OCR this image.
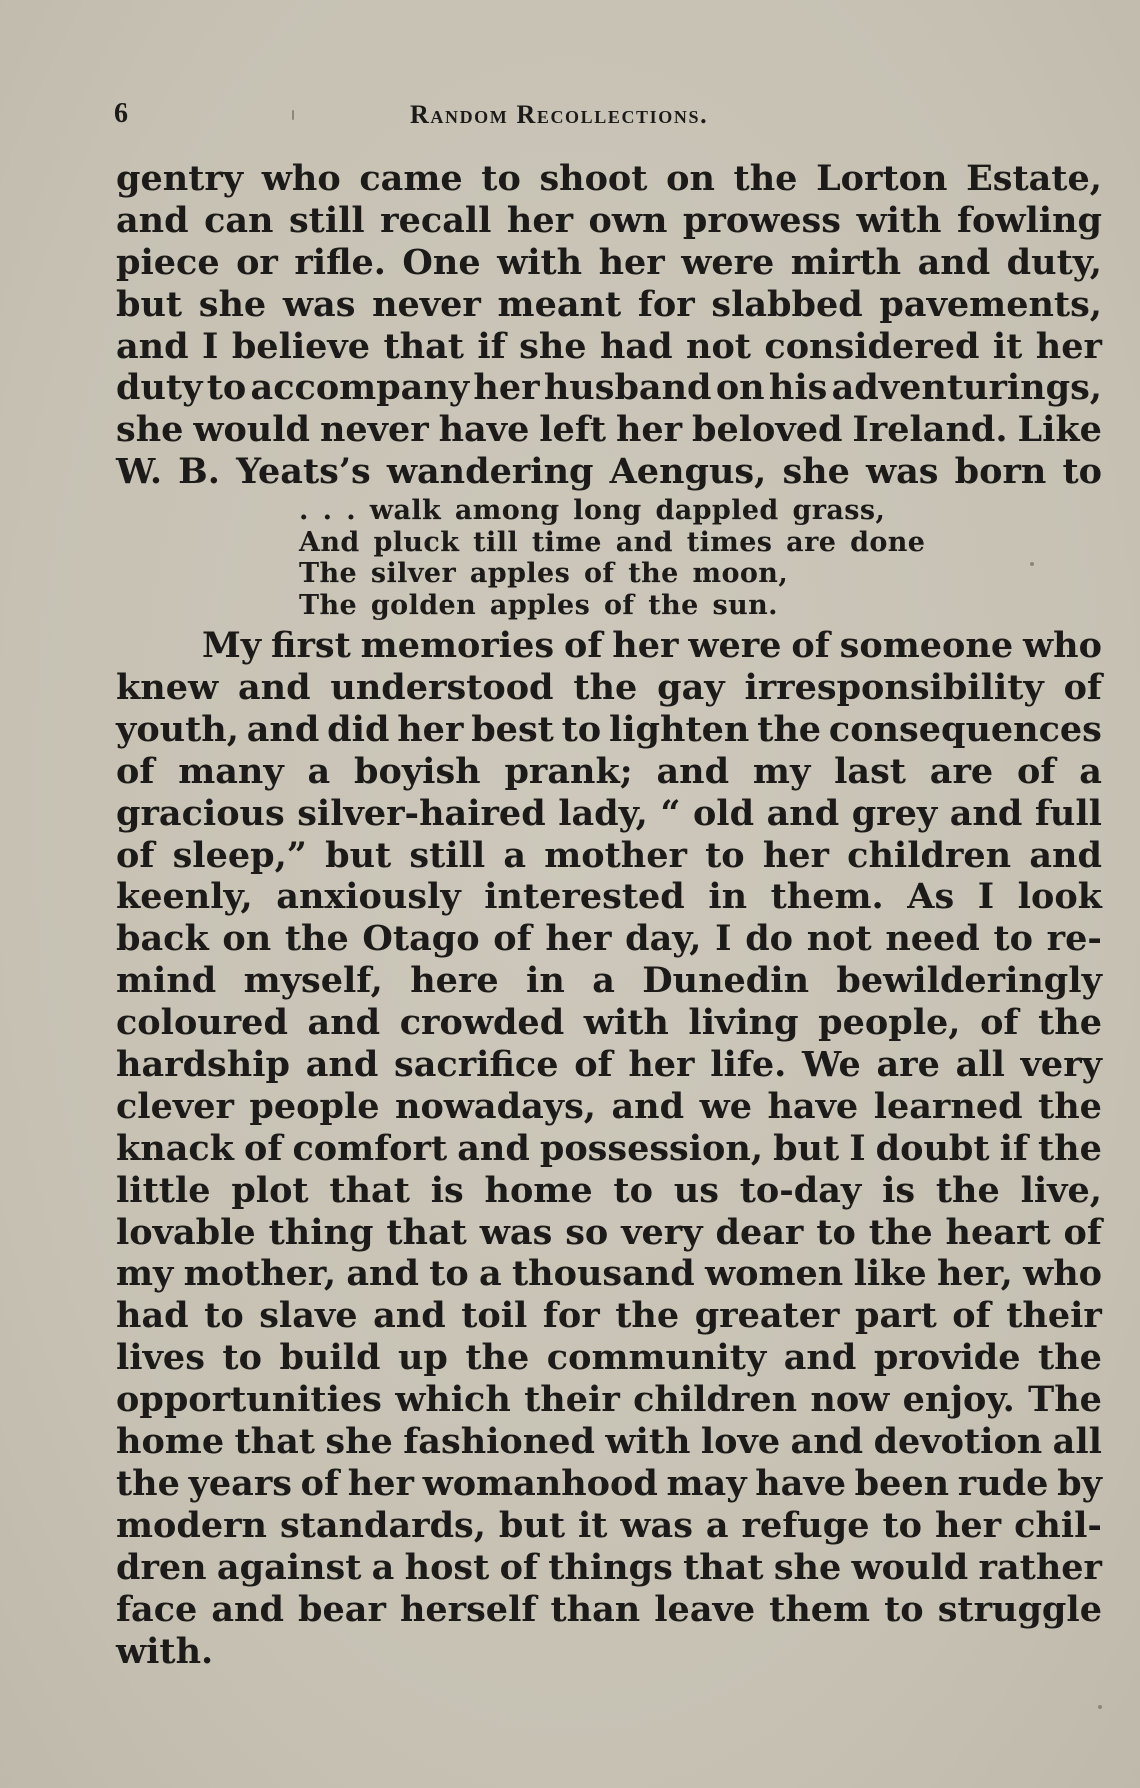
6	Random Recollections.
gentry who came to shoot on the Lorton Estate,
and can still recall her own prowess with fowling
piece or rifle. One with her were mirth and duty,
but she was never meant for slabbed pavements,
and I believe that if she had not considered it her
duty to accompany her husband on his adventurings,
she would never have left her beloved Ireland. Like
W. B. Yeats’s wandering Aengus, she was born to
. . . walk among long dappled grass,
And pluck till time and times are done
The silver apples of the moon,
The golden apples of the sun.
My first memories of her were of someone who
knew and understood the gay irresponsibility of
youth, and did her best to lighten the consequences
of many a boyish prank; and my last are of a
gracious silver-haired lady, “ old and grey and full
of sleep,” but still a mother to her children and
keenly, anxiously interested in them. As I look
back on the Otago of her day, I do not need to re-
mind myself, here in a Dunedin bewilderingly
coloured and crowded with living people, of the
hardship and sacrifice of her life. We are all very
clever people nowadays, and we have learned the
knack of comfort and possession, but I doubt if the
little plot that is home to us to-day is the live,
lovable thing that was so very dear to the heart of
my mother, and to a thousand women like her, who
had to slave and toil for the greater part of their
lives to build up the community and provide the
opportunities which their children now enjoy. The
home that she fashioned with love and devotion all
the years of her womanhood may have been rude by
modern standards, but it was a refuge to her chil-
dren against a host of things that she would rather
face and bear herself than leave them to struggle
with.
